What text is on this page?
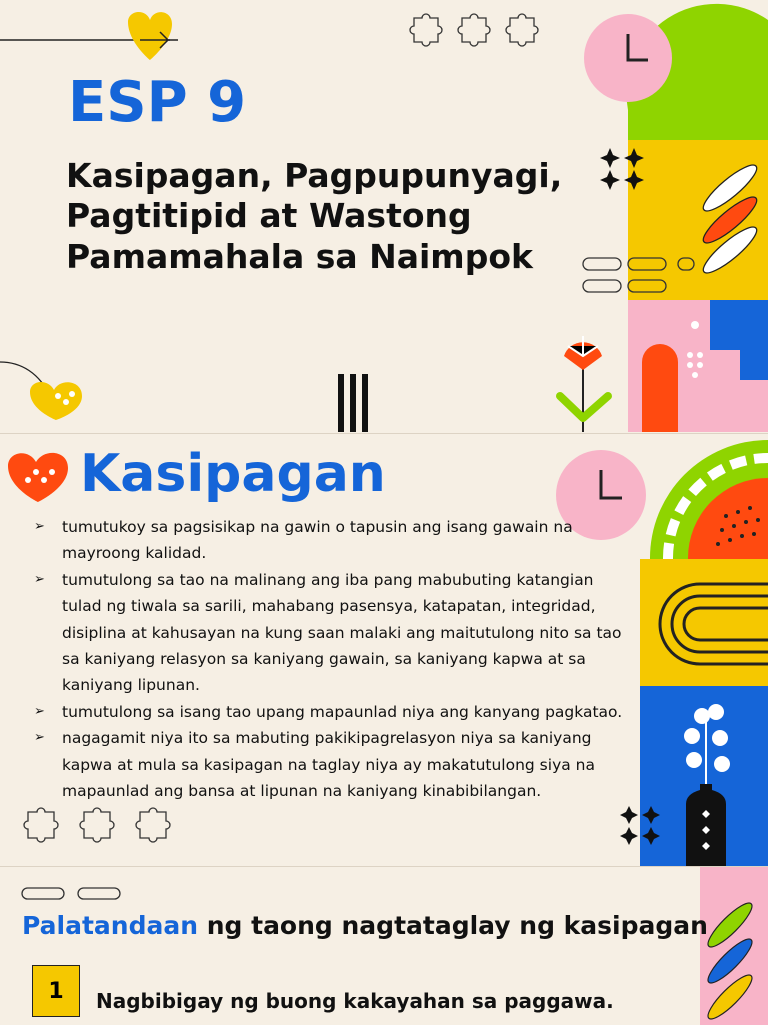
ESP 9
Kasipagan, Pagpupunyagi, Pagtitipid at Wastong Pamamahala sa Naimpok
Kasipagan
➢ tumutukoy sa pagsisikap na gawin o tapusin ang isang gawain na mayroong kalidad.
➢ tumutulong sa tao na malinang ang iba pang mabubuting katangian tulad ng tiwala sa sarili, mahabang pasensya, katapatan, integridad, disiplina at kahusayan na kung saan malaki ang maitutulong nito sa tao sa kaniyang relasyon sa kaniyang gawain, sa kaniyang kapwa at sa kaniyang lipunan.
➢ tumutulong sa isang tao upang mapaunlad niya ang kanyang pagkatao.
➢ nagagamit niya ito sa mabuting pakikipagrelasyon niya sa kaniyang kapwa at mula sa kasipagan na taglay niya ay makatutulong siya na mapaunlad ang bansa at lipunan na kaniyang kinabibilangan.
Palatandaan ng taong nagtataglay ng kasipagan
1	Nagbibigay ng buong kakayahan sa paggawa.
